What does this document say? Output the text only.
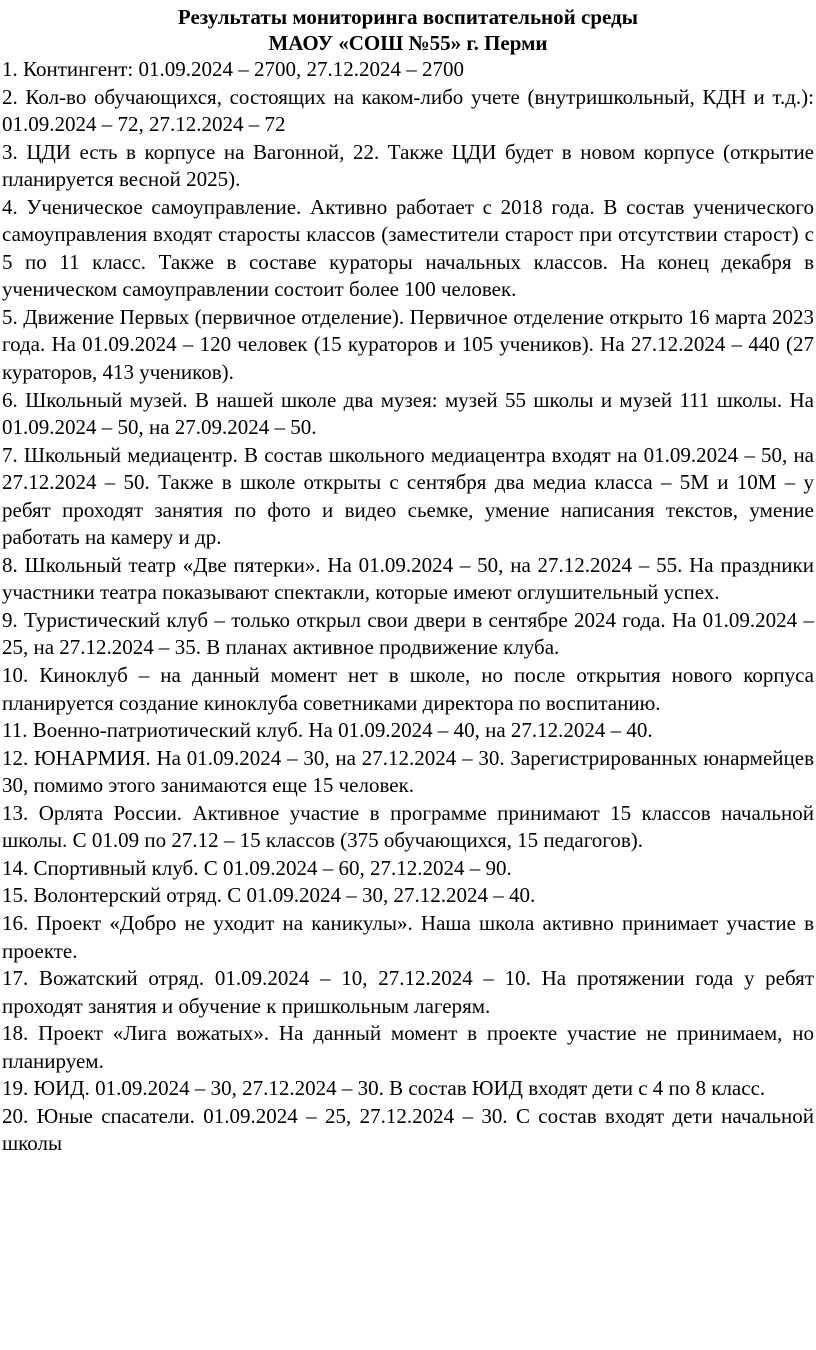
Результаты мониторинга воспитательной среды
МАОУ «СОШ №55» г. Перми

1. Контингент: 01.09.2024 – 2700, 27.12.2024 – 2700

2. Кол-во обучающихся, состоящих на каком-либо учете (внутришкольный, КДН и т.д.): 01.09.2024 – 72, 27.12.2024 – 72

3. ЦДИ есть в корпусе на Вагонной, 22. Также ЦДИ будет в новом корпусе (открытие планируется весной 2025).

4. Ученическое самоуправление. Активно работает с 2018 года. В состав ученического самоуправления входят старосты классов (заместители старост при отсутствии старост) с 5 по 11 класс. Также в составе кураторы начальных классов. На конец декабря в ученическом самоуправлении состоит более 100 человек.

5. Движение Первых (первичное отделение). Первичное отделение открыто 16 марта 2023 года. На 01.09.2024 – 120 человек (15 кураторов и 105 учеников). На 27.12.2024 – 440 (27 кураторов, 413 учеников).

6. Школьный музей. В нашей школе два музея: музей 55 школы и музей 111 школы. На 01.09.2024 – 50, на 27.09.2024 – 50.

7. Школьный медиацентр. В состав школьного медиацентра входят на 01.09.2024 – 50, на 27.12.2024 – 50. Также в школе открыты с сентября два медиа класса – 5М и 10М – у ребят проходят занятия по фото и видео сьемке, умение написания текстов, умение работать на камеру и др.

8. Школьный театр «Две пятерки». На 01.09.2024 – 50, на 27.12.2024 – 55. На праздники участники театра показывают спектакли, которые имеют оглушительный успех.

9. Туристический клуб – только открыл свои двери в сентябре 2024 года. На 01.09.2024 – 25, на 27.12.2024 – 35. В планах активное продвижение клуба.

10. Киноклуб – на данный момент нет в школе, но после открытия нового корпуса планируется создание киноклуба советниками директора по воспитанию.

11. Военно-патриотический клуб. На 01.09.2024 – 40, на 27.12.2024 – 40.

12. ЮНАРМИЯ. На 01.09.2024 – 30, на 27.12.2024 – 30. Зарегистрированных юнармейцев 30, помимо этого занимаются еще 15 человек.

13. Орлята России. Активное участие в программе принимают 15 классов начальной школы. С 01.09 по 27.12 – 15 классов (375 обучающихся, 15 педагогов).

14. Спортивный клуб. С 01.09.2024 – 60, 27.12.2024 – 90.

15. Волонтерский отряд. С 01.09.2024 – 30, 27.12.2024 – 40.

16. Проект «Добро не уходит на каникулы». Наша школа активно принимает участие в проекте.

17. Вожатский отряд. 01.09.2024 – 10, 27.12.2024 – 10. На протяжении года у ребят проходят занятия и обучение к пришкольным лагерям.

18. Проект «Лига вожатых». На данный момент в проекте участие не принимаем, но планируем.

19. ЮИД. 01.09.2024 – 30, 27.12.2024 – 30. В состав ЮИД входят дети с 4 по 8 класс.

20. Юные спасатели. 01.09.2024 – 25, 27.12.2024 – 30. С состав входят дети начальной школы
